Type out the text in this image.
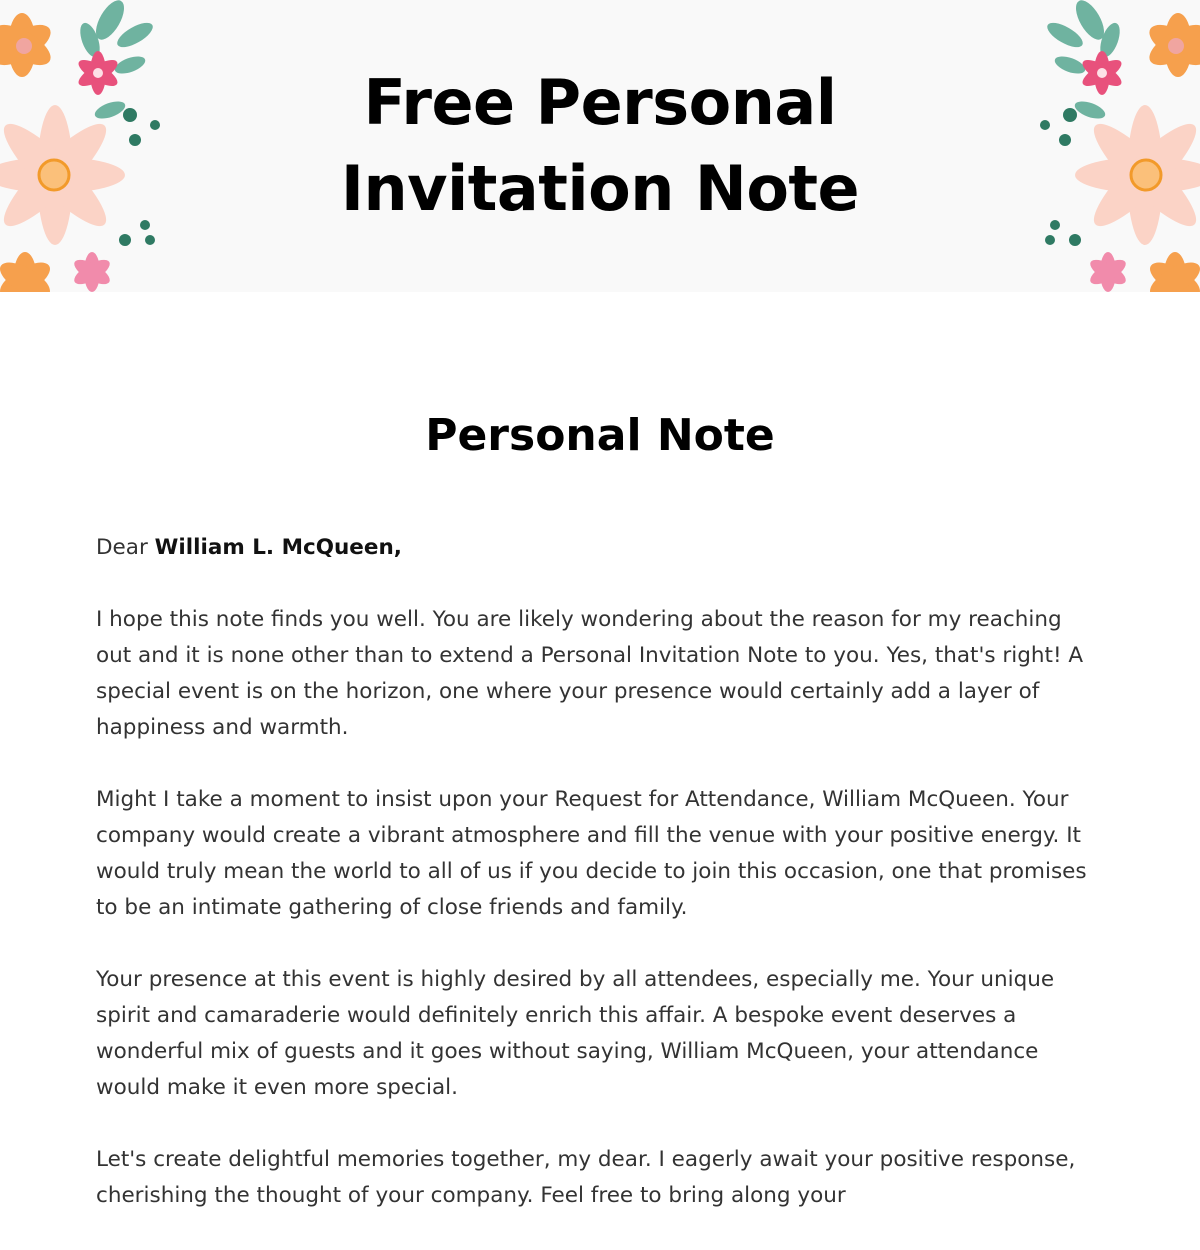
Free Personal
Invitation Note
Personal Note

Dear William L. McQueen,

I hope this note finds you well. You are likely wondering about the reason for my reaching out and it is none other than to extend a Personal Invitation Note to you. Yes, that's right! A special event is on the horizon, one where your presence would certainly add a layer of happiness and warmth.

Might I take a moment to insist upon your Request for Attendance, William McQueen. Your company would create a vibrant atmosphere and fill the venue with your positive energy. It would truly mean the world to all of us if you decide to join this occasion, one that promises to be an intimate gathering of close friends and family.

Your presence at this event is highly desired by all attendees, especially me. Your unique spirit and camaraderie would definitely enrich this affair. A bespoke event deserves a wonderful mix of guests and it goes without saying, William McQueen, your attendance would make it even more special.

Let's create delightful memories together, my dear. I eagerly await your positive response, cherishing the thought of your company. Feel free to bring along your
